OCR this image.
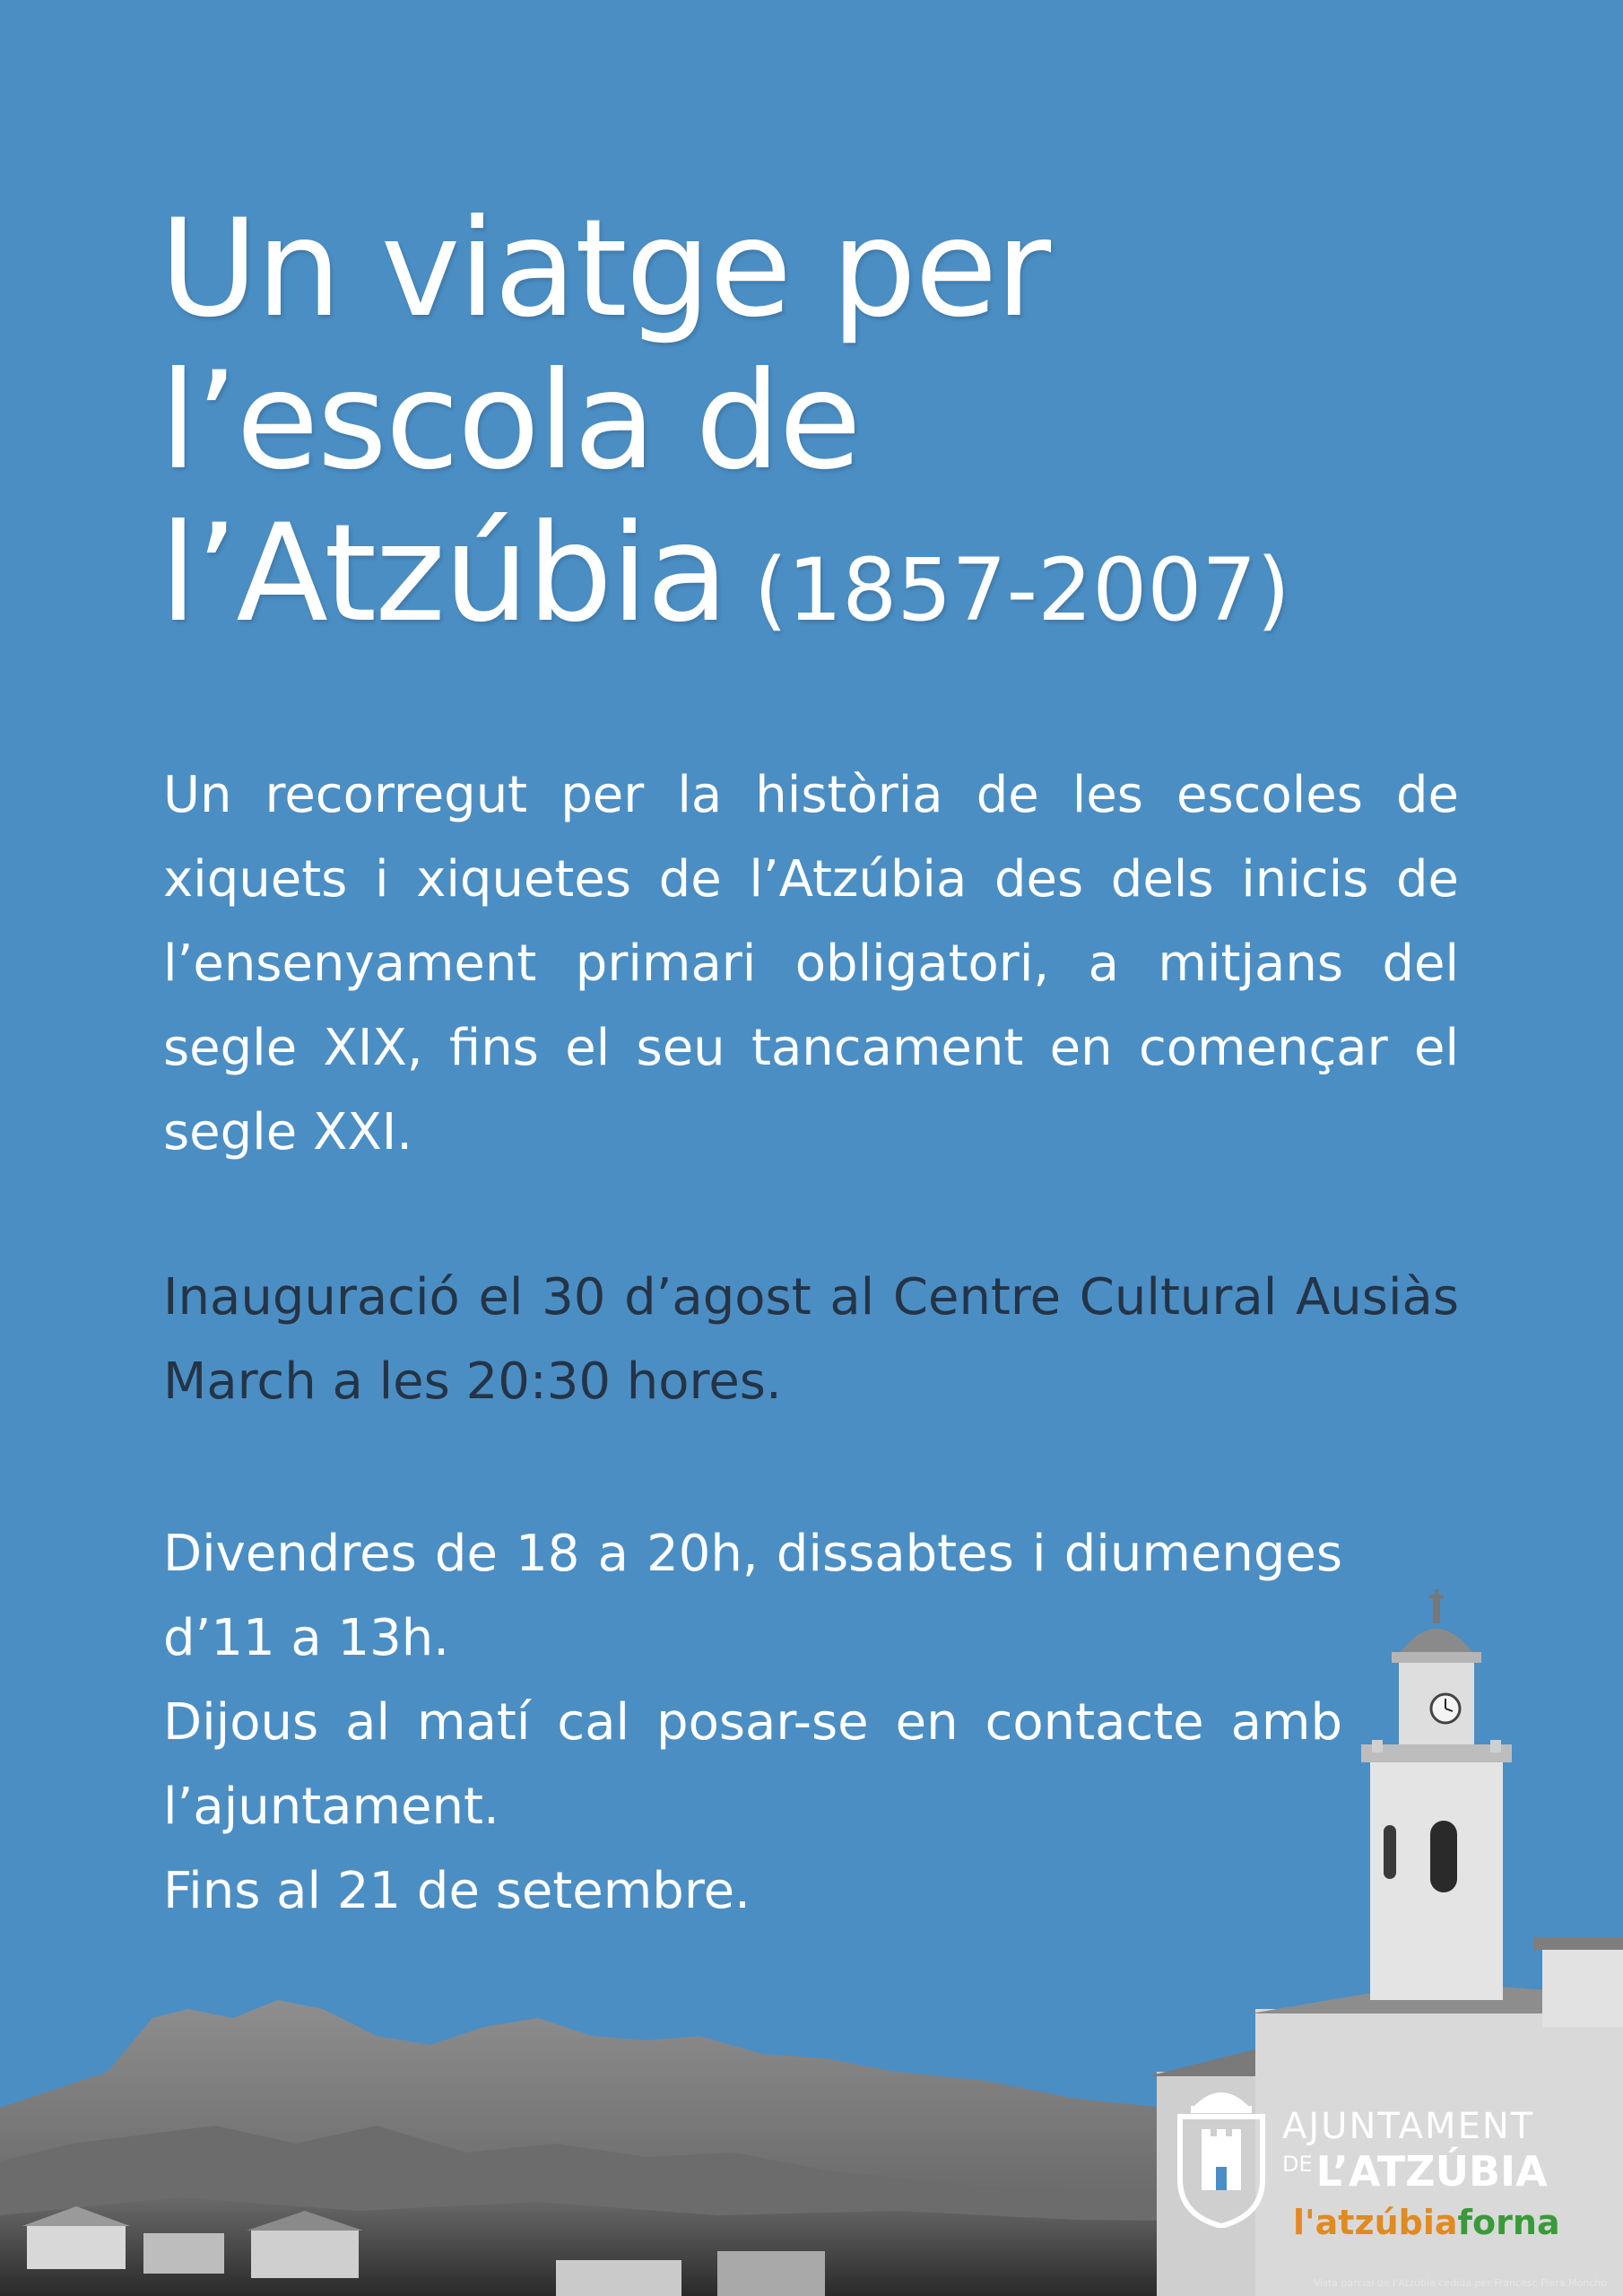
Un viatge per
l’escola de
l’Atzúbia (1857-2007)

Un recorregut per la història de les escoles de xiquets i xiquetes de l’Atzúbia des dels inicis de l’ensenyament primari obligatori, a mitjans del segle XIX, fins el seu tancament en començar el segle XXI.

Inauguració el 30 d’agost al Centre Cultural Ausiàs March a les 20:30 hores.

Divendres de 18 a 20h, dissabtes i diumenges d’11 a 13h.
Dijous al matí cal posar-se en contacte amb l’ajuntament.
Fins al 21 de setembre.
AJUNTAMENT
$^{DE}$L’ATZÚBIA
l'atzúbiaforna
Vista parcial de l’Atzúbia cedida per Francesc Piera Moncho
